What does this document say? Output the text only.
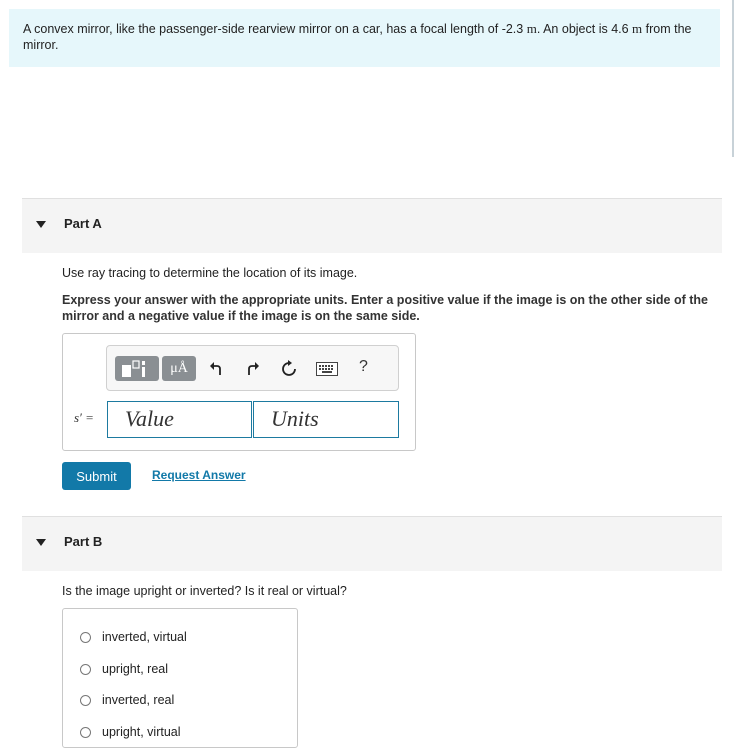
A convex mirror, like the passenger-side rearview mirror on a car, has a focal length of -2.3 m. An object is 4.6 m from the mirror.
Part A
Use ray tracing to determine the location of its image.
Express your answer with the appropriate units. Enter a positive value if the image is on the other side of the mirror and a negative value if the image is on the same side.
μÅ	?
s′ =	Value	Units
Submit	Request Answer
Part B
Is the image upright or inverted? Is it real or virtual?
inverted, virtual
upright, real
inverted, real
upright, virtual
